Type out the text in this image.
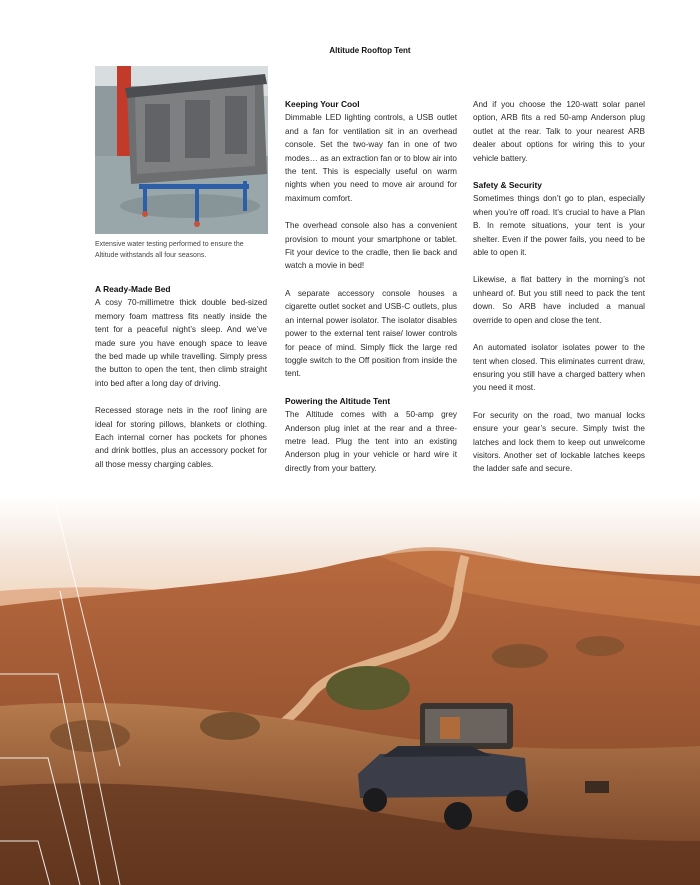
Altitude Rooftop Tent
Extensive water testing performed to ensure the Altitude withstands all four seasons.
A Ready-Made Bed

A cosy 70-millimetre thick double bed-sized memory foam mattress fits neatly inside the tent for a peaceful night’s sleep. And we’ve made sure you have enough space to leave the bed made up while travelling. Simply press the button to open the tent, then climb straight into bed after a long day of driving.

Recessed storage nets in the roof lining are ideal for storing pillows, blankets or clothing. Each internal corner has pockets for phones and drink bottles, plus an accessory pocket for all those messy charging cables.

Keeping Your Cool

Dimmable LED lighting controls, a USB outlet and a fan for ventilation sit in an overhead console. Set the two-way fan in one of two modes… as an extraction fan or to blow air into the tent. This is especially useful on warm nights when you need to move air around for maximum comfort.

The overhead console also has a convenient provision to mount your smartphone or tablet. Fit your device to the cradle, then lie back and watch a movie in bed!

A separate accessory console houses a cigarette outlet socket and USB-C outlets, plus an internal power isolator. The isolator disables power to the external tent raise/ lower controls for peace of mind. Simply flick the large red toggle switch to the Off position from inside the tent.

Powering the Altitude Tent

The Altitude comes with a 50-amp grey Anderson plug inlet at the rear and a three-metre lead. Plug the tent into an existing Anderson plug in your vehicle or hard wire it directly from your battery.

And if you choose the 120-watt solar panel option, ARB fits a red 50-amp Anderson plug outlet at the rear. Talk to your nearest ARB dealer about options for wiring this to your vehicle battery.

Safety & Security

Sometimes things don’t go to plan, especially when you’re off road. It’s crucial to have a Plan B. In remote situations, your tent is your shelter. Even if the power fails, you need to be able to open it.

Likewise, a flat battery in the morning’s not unheard of. But you still need to pack the tent down. So ARB have included a manual override to open and close the tent.

An automated isolator isolates power to the tent when closed. This eliminates current draw, ensuring you still have a charged battery when you need it most.

For security on the road, two manual locks ensure your gear’s secure. Simply twist the latches and lock them to keep out unwelcome visitors. Another set of lockable latches keeps the ladder safe and secure.
